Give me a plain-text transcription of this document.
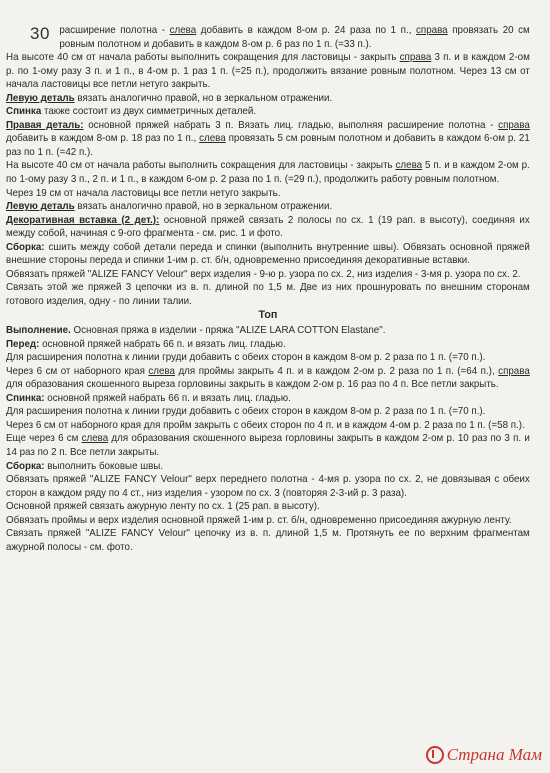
30 расширение полотна - слева добавить в каждом 8-ом р. 24 раза по 1 п., справа провязать 20 см ровным полотном и добавить в каждом 8-ом р. 6 раз по 1 п. (=33 п.).

На высоте 40 см от начала работы выполнить сокращения для ластовицы - закрыть справа 3 п. и в каждом 2-ом р. по 1-ому разу 3 п. и 1 п., в 4-ом р. 1 раз 1 п. (=25 п.), продолжить вязание ровным полотном. Через 13 см от начала ластовицы все петли нетуго закрыть.

Левую деталь вязать аналогично правой, но в зеркальном отражении.

Спинка также состоит из двух симметричных деталей.

Правая деталь: основной пряжей набрать 3 п. Вязать лиц. гладью, выполняя расширение полотна - справа добавить в каждом 8-ом р. 18 раз по 1 п., слева провязать 5 см ровным полотном и добавить в каждом 6-ом р. 21 раз по 1 п. (=42 п.).

На высоте 40 см от начала работы выполнить сокращения для ластовицы - закрыть слева 5 п. и в каждом 2-ом р. по 1-ому разу 3 п., 2 п. и 1 п., в каждом 6-ом р. 2 раза по 1 п. (=29 п.), продолжить работу ровным полотном.

Через 19 см от начала ластовицы все петли нетуго закрыть.

Левую деталь вязать аналогично правой, но в зеркальном отражении.

Декоративная вставка (2 дет.): основной пряжей связать 2 полосы по сх. 1 (19 рап. в высоту), соединяя их между собой, начиная с 9-ого фрагмента - см. рис. 1 и фото.

Сборка: сшить между собой детали переда и спинки (выполнить внутренние швы). Обвязать основной пряжей внешние стороны переда и спинки 1-им р. ст. б/н, одновременно присоединяя декоративные вставки.

Обвязать пряжей "ALIZE FANCY Velour" верх изделия - 9-ю р. узора по сх. 2, низ изделия - 3-мя р. узора по сх. 2.

Связать этой же пряжей 3 цепочки из в. п. длиной по 1,5 м. Две из них прошнуровать по внешним сторонам готового изделия, одну - по линии талии.

Топ

Выполнение. Основная пряжа в изделии - пряжа "ALIZE LARA COTTON Elastane".

Перед: основной пряжей набрать 66 п. и вязать лиц. гладью.

Для расширения полотна к линии груди добавить с обеих сторон в каждом 8-ом р. 2 раза по 1 п. (=70 п.).

Через 6 см от наборного края слева для проймы закрыть 4 п. и в каждом 2-ом р. 2 раза по 1 п. (=64 п.), справа для образования скошенного выреза горловины закрыть в каждом 2-ом р. 16 раз по 4 п. Все петли закрыть.

Спинка: основной пряжей набрать 66 п. и вязать лиц. гладью.

Для расширения полотна к линии груди добавить с обеих сторон в каждом 8-ом р. 2 раза по 1 п. (=70 п.).

Через 6 см от наборного края для пройм закрыть с обеих сторон по 4 п. и в каждом 4-ом р. 2 раза по 1 п. (=58 п.).

Еще через 6 см слева для образования скошенного выреза горловины закрыть в каждом 2-ом р. 10 раз по 3 п. и 14 раз по 2 п. Все петли закрыты.

Сборка: выполнить боковые швы.

Обвязать пряжей "ALIZE FANCY Velour" верх переднего полотна - 4-мя р. узора по сх. 2, не довязывая с обеих сторон в каждом ряду по 4 ст., низ изделия - узором по сх. 3 (повторяя 2-3-ий р. 3 раза).

Основной пряжей связать ажурную ленту по сх. 1 (25 рап. в высоту).

Обвязать проймы и верх изделия основной пряжей 1-им р. ст. б/н, одновременно присоединяя ажурную ленту.

Связать пряжей "ALIZE FANCY Velour" цепочку из в. п. длиной 1,5 м. Протянуть ее по верхним фрагментам ажурной полосы - см. фото.

Страна Мам
